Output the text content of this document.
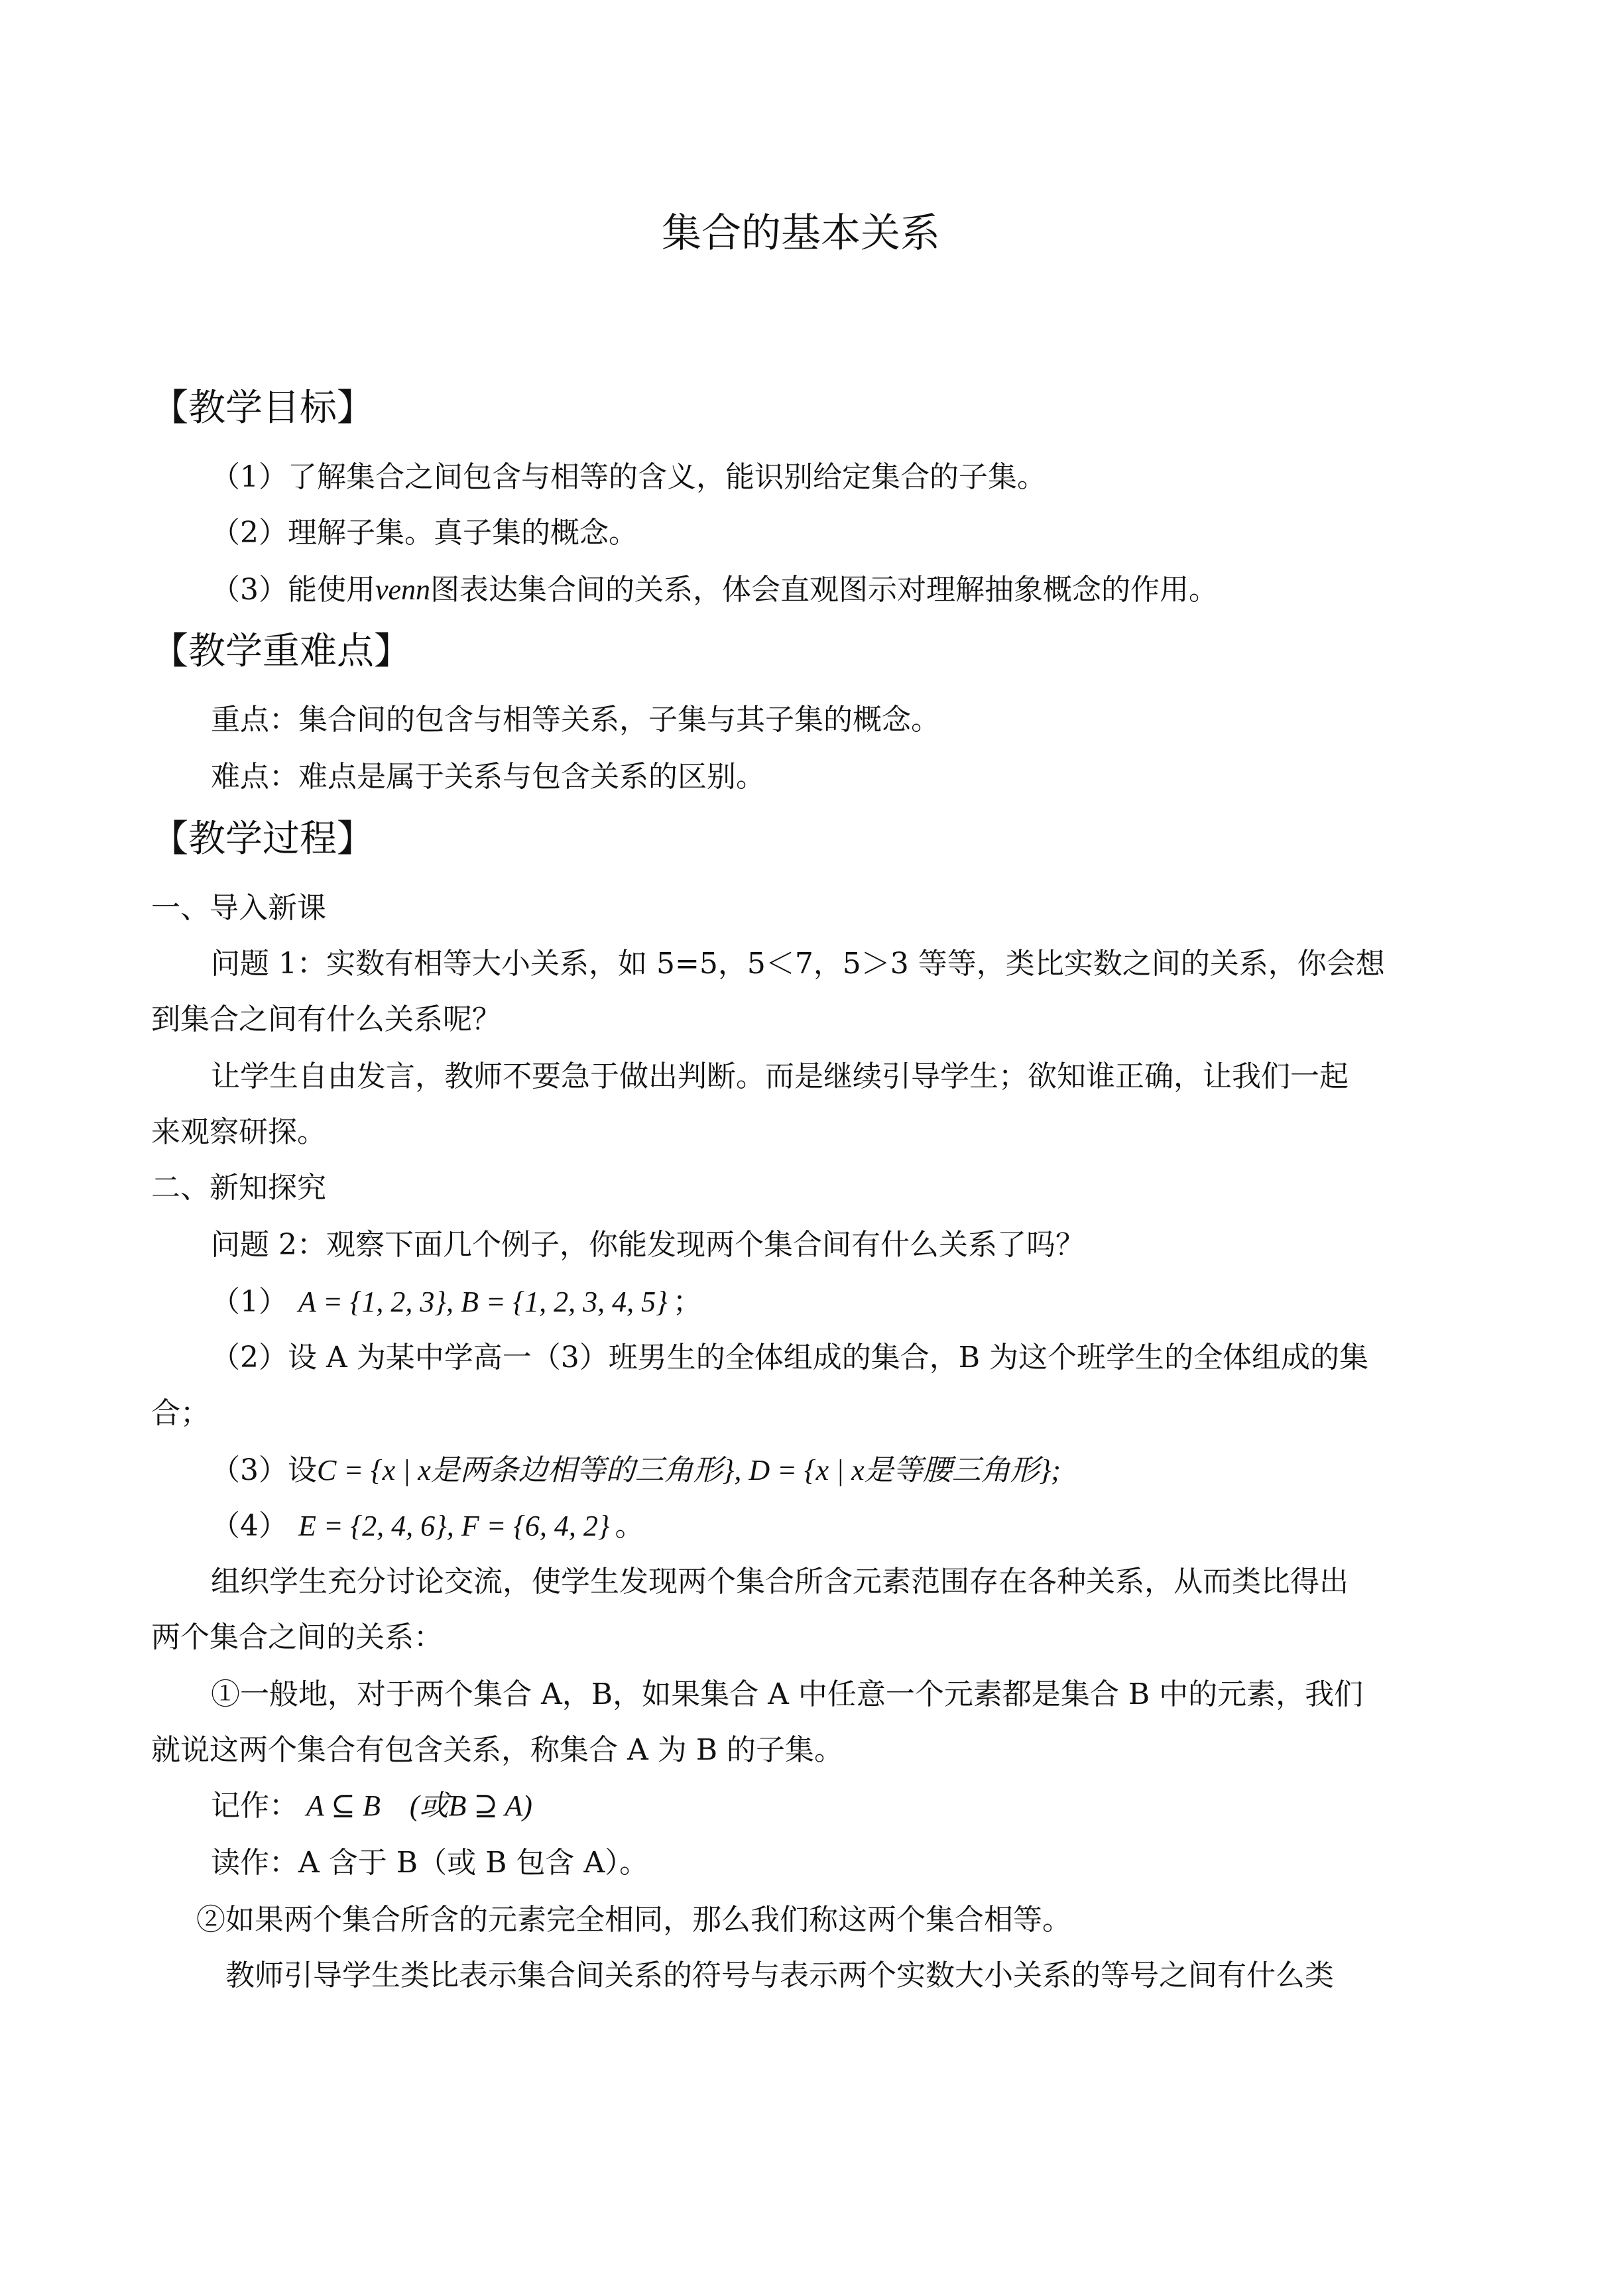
集合的基本关系
【教学目标】
（1）了解集合之间包含与相等的含义，能识别给定集合的子集。
（2）理解子集。真子集的概念。
（3）能使用venn图表达集合间的关系，体会直观图示对理解抽象概念的作用。
【教学重难点】
重点：集合间的包含与相等关系，子集与其子集的概念。
难点：难点是属于关系与包含关系的区别。
【教学过程】
一、导入新课
问题 1：实数有相等大小关系，如 5=5，5＜7，5＞3 等等，类比实数之间的关系，你会想
到集合之间有什么关系呢？
让学生自由发言，教师不要急于做出判断。而是继续引导学生；欲知谁正确，让我们一起
来观察研探。
二、新知探究
问题 2：观察下面几个例子，你能发现两个集合间有什么关系了吗？
（1） A = {1, 2, 3}, B = {1, 2, 3, 4, 5} ；
（2）设 A 为某中学高一（3）班男生的全体组成的集合，B 为这个班学生的全体组成的集
合；
（3）设C = {x | x是两条边相等的三角形}, D = {x | x是等腰三角形};
（4） E = {2, 4, 6}, F = {6, 4, 2} 。
组织学生充分讨论交流，使学生发现两个集合所含元素范围存在各种关系，从而类比得出
两个集合之间的关系：
①一般地，对于两个集合 A，B，如果集合 A 中任意一个元素都是集合 B 中的元素，我们
就说这两个集合有包含关系，称集合 A 为 B 的子集。
记作： A ⊆ B    (或B ⊇ A)
读作：A 含于 B（或 B 包含 A）。
②如果两个集合所含的元素完全相同，那么我们称这两个集合相等。
教师引导学生类比表示集合间关系的符号与表示两个实数大小关系的等号之间有什么类
